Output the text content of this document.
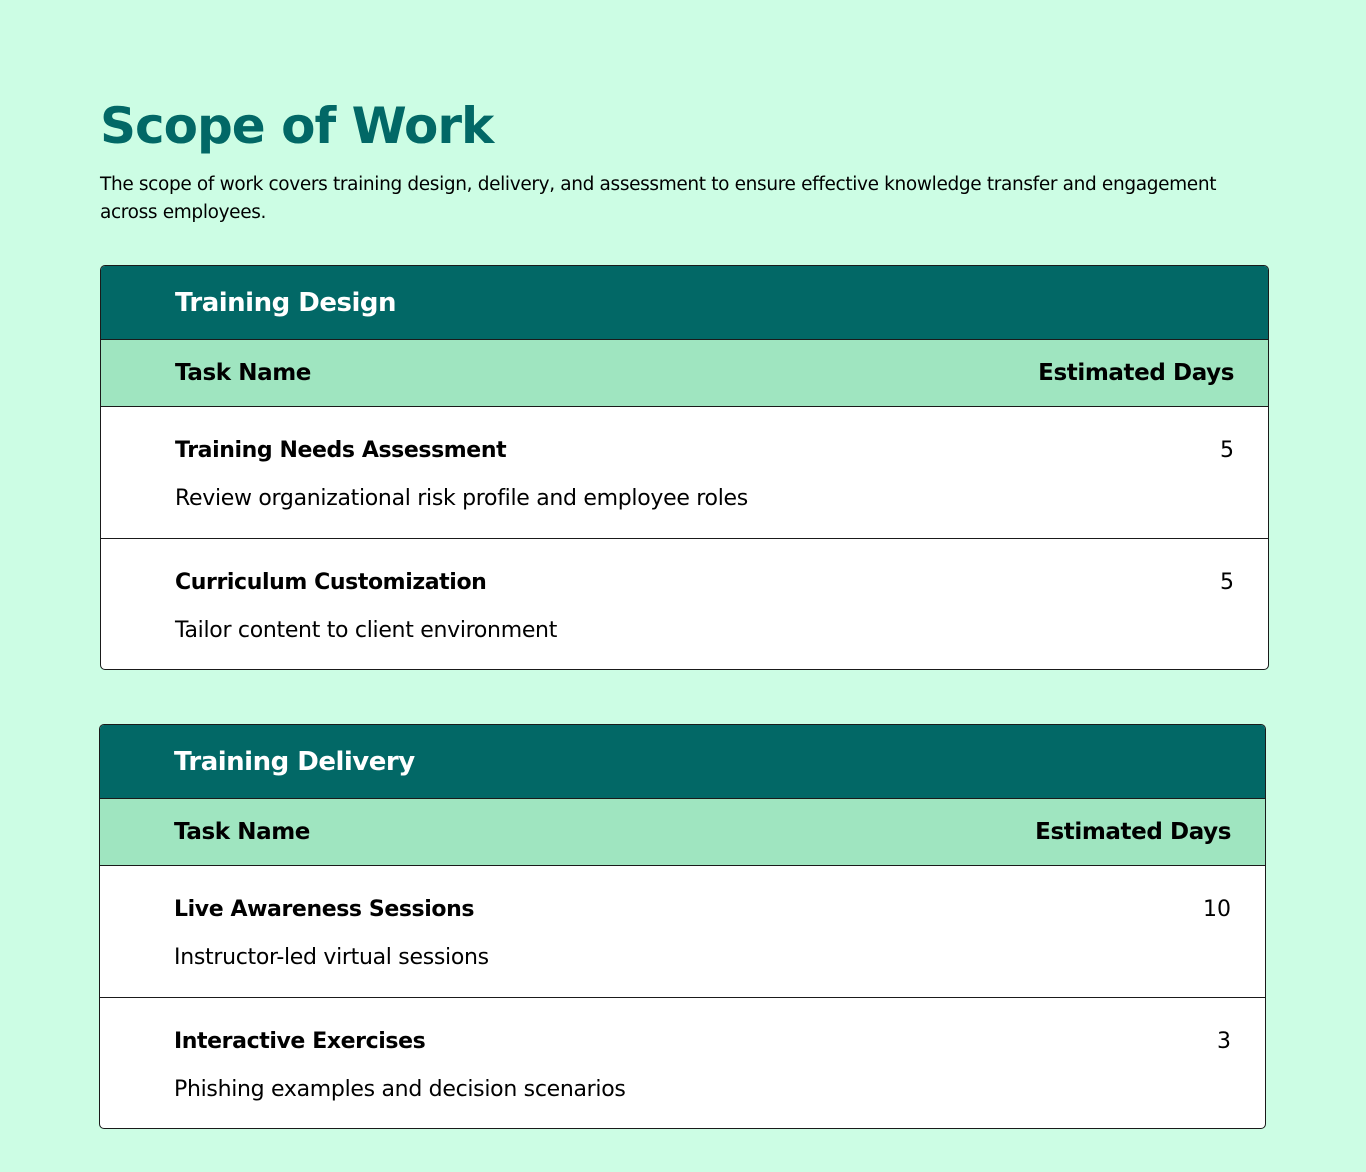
Scope of Work

The scope of work covers training design, delivery, and assessment to ensure effective knowledge transfer and engagement across employees.

Training Design
Task Name	Estimated Days
Training Needs Assessment	5
Review organizational risk profile and employee roles
Curriculum Customization	5
Tailor content to client environment
Training Delivery
Task Name	Estimated Days
Live Awareness Sessions	10
Instructor-led virtual sessions
Interactive Exercises	3
Phishing examples and decision scenarios
